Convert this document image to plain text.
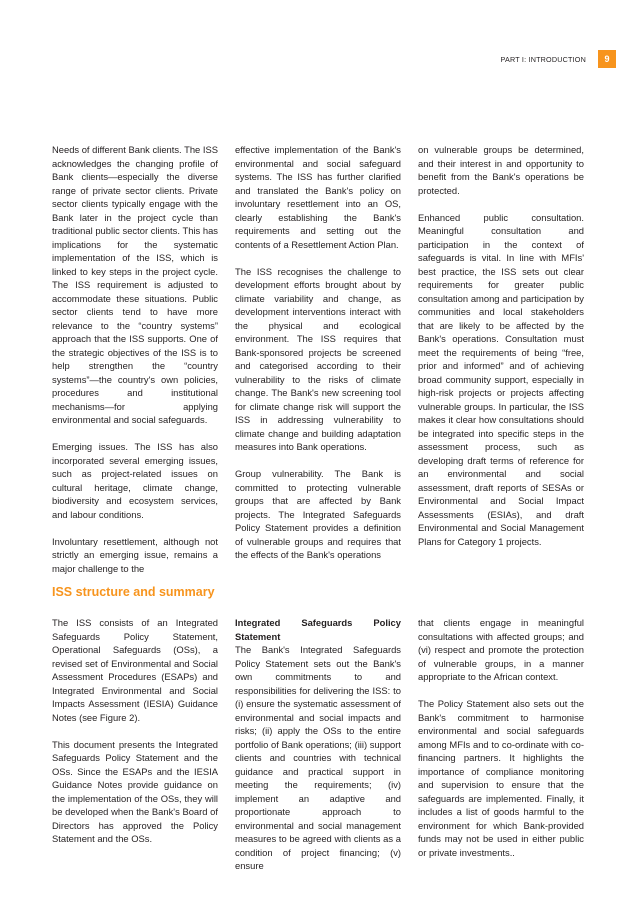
PART I: INTRODUCTION	9

Needs of different Bank clients. The ISS acknowledges the changing profile of Bank clients—especially the diverse range of private sector clients. Private sector clients typically engage with the Bank later in the project cycle than traditional public sector clients. This has implications for the systematic implementation of the ISS, which is linked to key steps in the project cycle. The ISS requirement is adjusted to accommodate these situations. Public sector clients tend to have more relevance to the “country systems” approach that the ISS supports. One of the strategic objectives of the ISS is to help strengthen the “country systems”—the country's own policies, procedures and institutional mechanisms—for applying environmental and social safeguards.

Emerging issues. The ISS has also incorporated several emerging issues, such as project-related issues on cultural heritage, climate change, biodiversity and ecosystem services, and labour conditions.

Involuntary resettlement, although not strictly an emerging issue, remains a major challenge to the

effective implementation of the Bank's environmental and social safeguard systems. The ISS has further clarified and translated the Bank's policy on involuntary resettlement into an OS, clearly establishing the Bank's requirements and setting out the contents of a Resettlement Action Plan.

The ISS recognises the challenge to development efforts brought about by climate variability and change, as development interventions interact with the physical and ecological environment. The ISS requires that Bank-sponsored projects be screened and categorised according to their vulnerability to the risks of climate change. The Bank's new screening tool for climate change risk will support the ISS in addressing vulnerability to climate change and building adaptation measures into Bank operations.

Group vulnerability. The Bank is committed to protecting vulnerable groups that are affected by Bank projects. The Integrated Safeguards Policy Statement provides a definition of vulnerable groups and requires that the effects of the Bank's operations

on vulnerable groups be determined, and their interest in and opportunity to benefit from the Bank's operations be protected.

Enhanced public consultation. Meaningful consultation and participation in the context of safeguards is vital. In line with MFIs' best practice, the ISS sets out clear requirements for greater public consultation among and participation by communities and local stakeholders that are likely to be affected by the Bank's operations. Consultation must meet the requirements of being “free, prior and informed” and of achieving broad community support, especially in high-risk projects or projects affecting vulnerable groups. In particular, the ISS makes it clear how consultations should be integrated into specific steps in the assessment process, such as developing draft terms of reference for an environmental and social assessment, draft reports of SESAs or Environmental and Social Impact Assessments (ESIAs), and draft Environmental and Social Management Plans for Category 1 projects.

ISS structure and summary

The ISS consists of an Integrated Safeguards Policy Statement, Operational Safeguards (OSs), a revised set of Environmental and Social Assessment Procedures (ESAPs) and Integrated Environmental and Social Impacts Assessment (IESIA) Guidance Notes (see Figure 2).

This document presents the Integrated Safeguards Policy Statement and the OSs. Since the ESAPs and the IESIA Guidance Notes provide guidance on the implementation of the OSs, they will be developed when the Bank's Board of Directors has approved the Policy Statement and the OSs.

Integrated Safeguards Policy Statement

The Bank's Integrated Safeguards Policy Statement sets out the Bank's own commitments to and responsibilities for delivering the ISS: to (i) ensure the systematic assessment of environmental and social impacts and risks; (ii) apply the OSs to the entire portfolio of Bank operations; (iii) support clients and countries with technical guidance and practical support in meeting the requirements; (iv) implement an adaptive and proportionate approach to environmental and social management measures to be agreed with clients as a condition of project financing; (v) ensure

that clients engage in meaningful consultations with affected groups; and (vi) respect and promote the protection of vulnerable groups, in a manner appropriate to the African context.

The Policy Statement also sets out the Bank's commitment to harmonise environmental and social safeguards among MFIs and to co-ordinate with co-financing partners. It highlights the importance of compliance monitoring and supervision to ensure that the safeguards are implemented. Finally, it includes a list of goods harmful to the environment for which Bank-provided funds may not be used in either public or private investments..
